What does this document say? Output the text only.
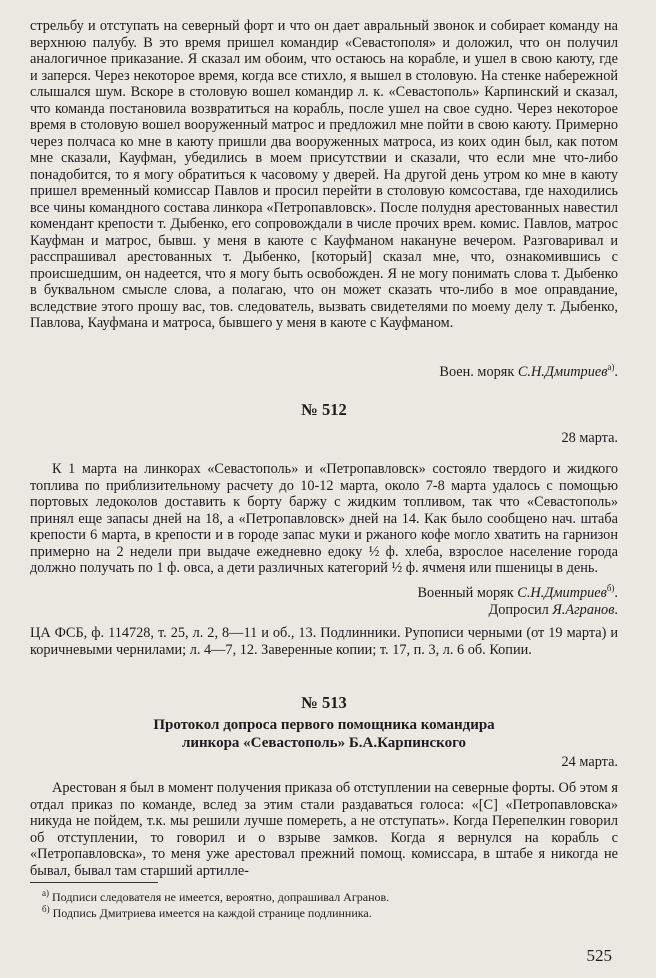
стрельбу и отступать на северный форт и что он дает авральный звонок и собирает команду на верхнюю палубу. В это время пришел командир «Севастополя» и доложил, что он получил аналогичное приказание. Я сказал им обоим, что остаюсь на корабле, и ушел в свою каюту, где и заперся. Через некоторое время, когда все стихло, я вышел в столовую. На стенке набережной слышался шум. Вскоре в столовую вошел командир л. к. «Севастополь» Карпинский и сказал, что команда постановила возвратиться на корабль, после ушел на свое судно. Через некоторое время в столовую вошел вооруженный матрос и предложил мне пойти в свою каюту. Примерно через полчаса ко мне в каюту пришли два вооруженных матроса, из коих один был, как потом мне сказали, Кауфман, убедились в моем присутствии и сказали, что если мне что-либо понадобится, то я могу обратиться к часовому у дверей. На другой день утром ко мне в каюту пришел временный комиссар Павлов и просил перейти в столовую комсостава, где находились все чины командного состава линкора «Петропавловск». После полудня арестованных навестил комендант крепости т. Дыбенко, его сопровождали в числе прочих врем. комис. Павлов, матрос Кауфман и матрос, бывш. у меня в каюте с Кауфманом накануне вечером. Разговаривал и расспрашивал арестованных т. Дыбенко, [который] сказал мне, что, ознакомившись с происшедшим, он надеется, что я могу быть освобожден. Я не могу понимать слова т. Дыбенко в буквальном смысле слова, а полагаю, что он может сказать что-либо в мое оправдание, вследствие этого прошу вас, тов. следователь, вызвать свидетелями по моему делу т. Дыбенко, Павлова, Кауфмана и матроса, бывшего у меня в каюте с Кауфманом.

Воен. моряк С.Н.Дмитриев$^{а)}$.

№ 512

28 марта.

К 1 марта на линкорах «Севастополь» и «Петропавловск» состояло твердого и жидкого топлива по приблизительному расчету до 10-12 марта, около 7-8 марта удалось с помощью портовых ледоколов доставить к борту баржу с жидким топливом, так что «Севастополь» принял еще запасы дней на 18, а «Петропавловск» дней на 14. Как было сообщено нач. штаба крепости 6 марта, в крепости и в городе запас муки и ржаного кофе могло хватить на гарнизон примерно на 2 недели при выдаче ежедневно едоку ½ ф. хлеба, взрослое население города должно получать по 1 ф. овса, а дети различных категорий ½ ф. ячменя или пшеницы в день.

Военный моряк С.Н.Дмитриев$^{б)}$.

Допросил Я.Агранов.

ЦА ФСБ, ф. 114728, т. 25, л. 2, 8—11 и об., 13. Подлинники. Рупописи черными (от 19 марта) и коричневыми чернилами; л. 4—7, 12. Заверенные копии; т. 17, п. 3, л. 6 об. Копии.

№ 513

Протокол допроса первого помощника командира

линкора «Севастополь» Б.А.Карпинского

24 марта.

Арестован я был в момент получения приказа об отступлении на северные форты. Об этом я отдал приказ по команде, вслед за этим стали раздаваться голоса: «[С] «Петропавловска» никуда не пойдем, т.к. мы решили лучше помереть, а не отступать». Когда Перепелкин говорил об отступлении, то говорил и о взрыве замков. Когда я вернулся на корабль с «Петропавловска», то меня уже арестовал прежний помощ. комиссара, в штабе я никогда не бывал, бывал там старший артилле-

$^{а)}$ Подписи следователя не имеется, вероятно, допрашивал Агранов.

$^{б)}$ Подпись Дмитриева имеется на каждой странице подлинника.

525
